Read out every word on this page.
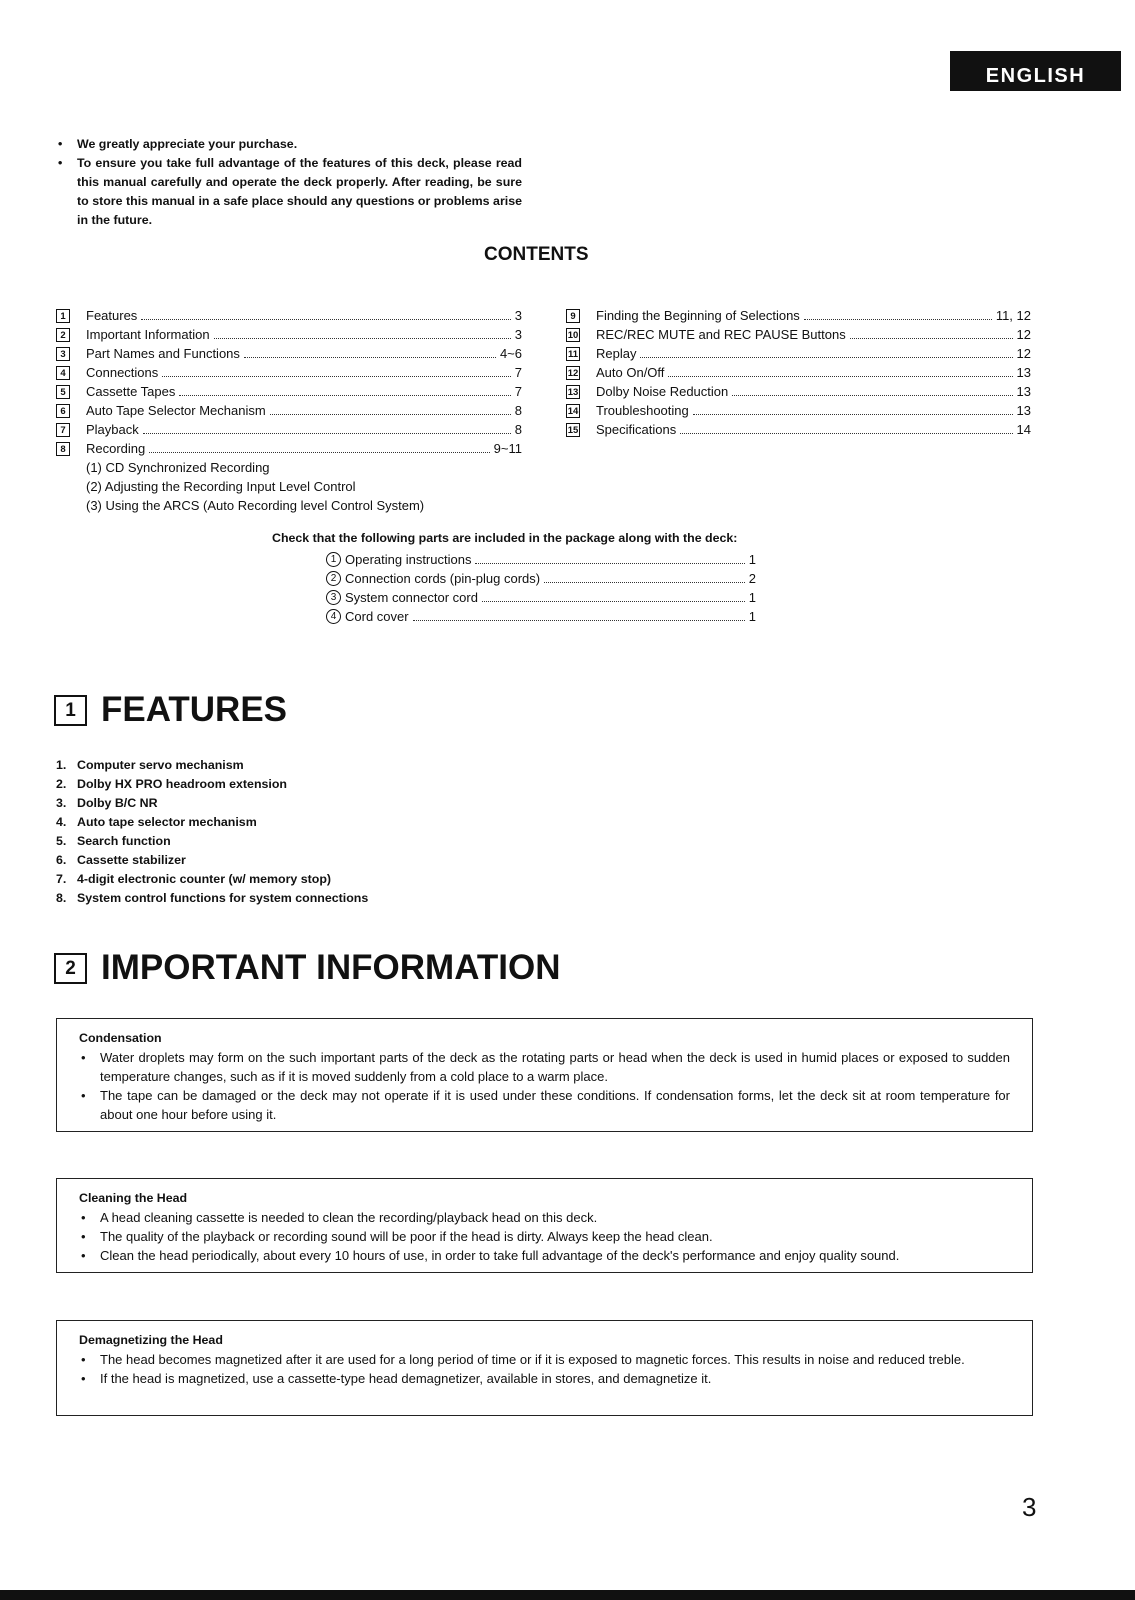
ENGLISH
• We greatly appreciate your purchase.
• To ensure you take full advantage of the features of this deck, please read this manual carefully and operate the deck properly. After reading, be sure to store this manual in a safe place should any questions or problems arise in the future.
CONTENTS
1	Features	3
2	Important Information	3
3	Part Names and Functions	4~6
4	Connections	7
5	Cassette Tapes	7
6	Auto Tape Selector Mechanism	8
7	Playback	8
8	Recording	9~11
(1) CD Synchronized Recording
(2) Adjusting the Recording Input Level Control
(3) Using the ARCS (Auto Recording level Control System)
9	Finding the Beginning of Selections	11, 12
10 REC/REC MUTE and REC PAUSE Buttons	12
11 Replay	12
12 Auto On/Off	13
13 Dolby Noise Reduction	13
14 Troubleshooting	13
15 Specifications	14
Check that the following parts are included in the package along with the deck:
1 Operating instructions	1
2 Connection cords (pin-plug cords)	2
3 System connector cord	1
4 Cord cover	1
1 FEATURES
1. Computer servo mechanism
2. Dolby HX PRO headroom extension
3. Dolby B/C NR
4. Auto tape selector mechanism
5. Search function
6. Cassette stabilizer
7. 4-digit electronic counter (w/ memory stop)
8. System control functions for system connections
2 IMPORTANT INFORMATION
Condensation
• Water droplets may form on the such important parts of the deck as the rotating parts or head when the deck is used in humid places or exposed to sudden temperature changes, such as if it is moved suddenly from a cold place to a warm place.
• The tape can be damaged or the deck may not operate if it is used under these conditions. If condensation forms, let the deck sit at room temperature for about one hour before using it.
Cleaning the Head
• A head cleaning cassette is needed to clean the recording/playback head on this deck.
• The quality of the playback or recording sound will be poor if the head is dirty. Always keep the head clean.
• Clean the head periodically, about every 10 hours of use, in order to take full advantage of the deck's performance and enjoy quality sound.
Demagnetizing the Head
• The head becomes magnetized after it are used for a long period of time or if it is exposed to magnetic forces. This results in noise and reduced treble.
• If the head is magnetized, use a cassette-type head demagnetizer, available in stores, and demagnetize it.
3
